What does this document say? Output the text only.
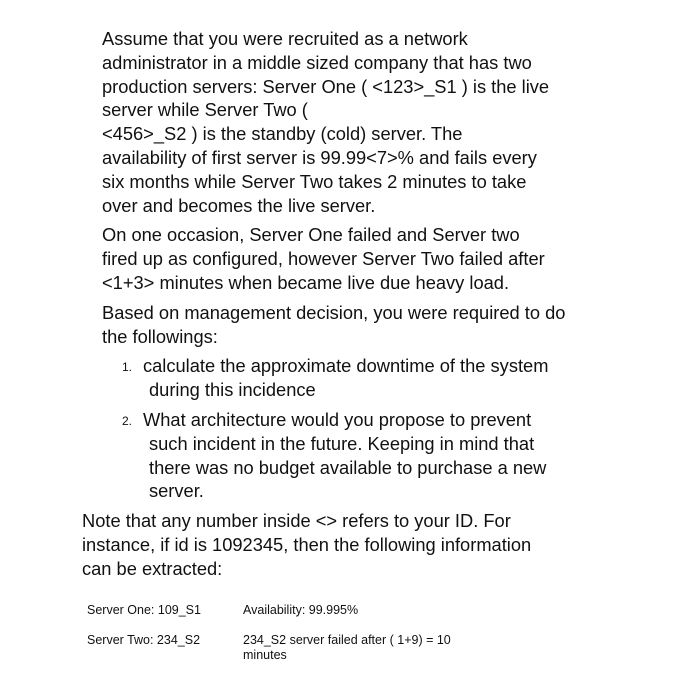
Assume that you were recruited as a network
administrator in a middle sized company that has two
production servers: Server One ( <123>_S1 ) is the live
server while Server Two (
<456>_S2 ) is the standby (cold) server. The
availability of first server is 99.99<7>% and fails every
six months while Server Two takes 2 minutes to take
over and becomes the live server.

On one occasion, Server One failed and Server two
fired up as configured, however Server Two failed after
<1+3> minutes when became live due heavy load.

Based on management decision, you were required to do
the followings:

1. calculate the approximate downtime of the system
during this incidence
2. What architecture would you propose to prevent
such incident in the future. Keeping in mind that
there was no budget available to purchase a new
server.
Note that any number inside <> refers to your ID. For
instance, if id is 1092345, then the following information
can be extracted:
Server One: 109_S1	Availability: 99.995%
Server Two: 234_S2	234_S2 server failed after ( 1+9) = 10
minutes
